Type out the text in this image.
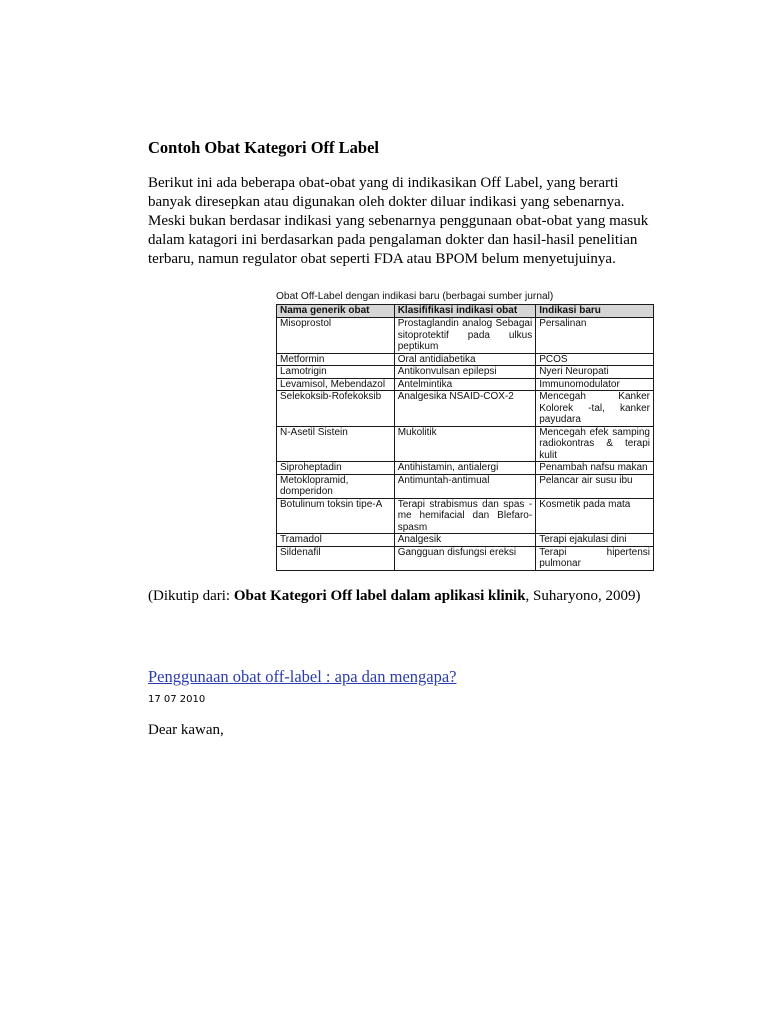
Contoh Obat Kategori Off Label

Berikut ini ada beberapa obat-obat yang di indikasikan Off Label, yang berarti banyak diresepkan atau digunakan oleh dokter diluar indikasi yang sebenarnya. Meski bukan berdasar indikasi yang sebenarnya penggunaan obat-obat yang masuk dalam katagori ini berdasarkan pada pengalaman dokter dan hasil-hasil penelitian terbaru, namun regulator obat seperti FDA atau BPOM belum menyetujuinya.

Obat Off-Label dengan indikasi baru (berbagai sumber jurnal)
Nama generik obat	Klasififikasi indikasi obat	Indikasi baru
Misoprostol	Prostaglandin analog Sebagai sitoprotektif pada ulkus peptikum	Persalinan
Metformin	Oral antidiabetika	PCOS
Lamotrigin	Antikonvulsan epilepsi	Nyeri Neuropati
Levamisol, Mebendazol	Antelmintika	Immunomodulator
Selekoksib-Rofekoksib	Analgesika NSAID-COX-2	Mencegah Kanker Kolorek -tal, kanker payudara
N-Asetil Sistein	Mukolitik	Mencegah efek samping radiokontras & terapi kulit
Siproheptadin	Antihistamin, antialergi	Penambah nafsu makan
Metoklopramid, domperidon	Antimuntah-antimual	Pelancar air susu ibu
Botulinum toksin tipe-A	Terapi strabismus dan spas -me hemifacial dan Blefaro- spasm	Kosmetik pada mata
Tramadol	Analgesik	Terapi ejakulasi dini
Sildenafil	Gangguan disfungsi ereksi	Terapi hipertensi pulmonar

(Dikutip dari: Obat Kategori Off label dalam aplikasi klinik, Suharyono, 2009)

Penggunaan obat off-label : apa dan mengapa?

17 07 2010

Dear kawan,
